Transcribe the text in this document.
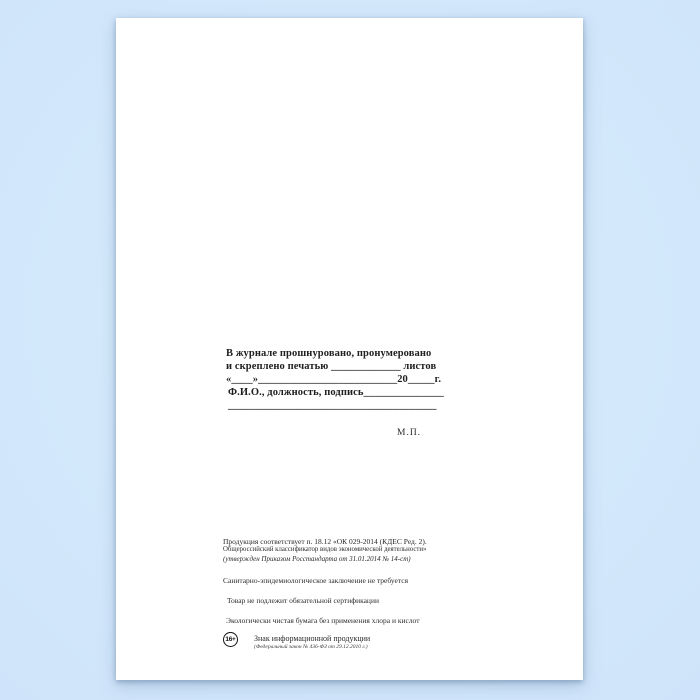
В журнале прошнуровано, пронумеровано
и скреплено печатью _____________ листов
«____»__________________________20_____г.
Ф.И.О., должность, подпись_______________
_______________________________________
М.П.
Продукция соответствует п. 18.12 «ОК 029-2014 (КДЕС Ред. 2).
Общероссийский классификатор видов экономической деятельности»
(утвержден Приказом Росстандарта от 31.01.2014 № 14-ст)
Санитарно-эпидемиологическое заключение не требуется
Товар не подлежит обязательной сертификации
Экологически чистая бумага без применения хлора и кислот
16+	Знак информационной продукции
(Федеральный закон № 436-ФЗ от 29.12.2010 г.)
